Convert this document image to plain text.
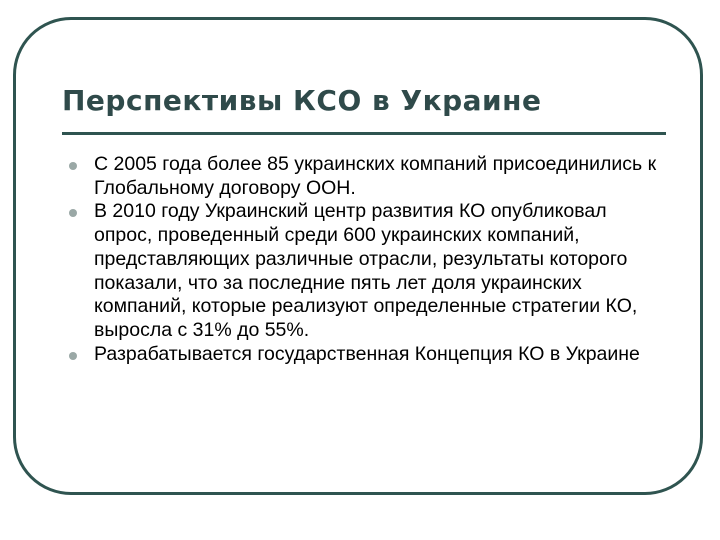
Перспективы КСО в Украине
С 2005 года более 85 украинских компаний присоединились к Глобальному договору ООН.
В 2010 году Украинский центр развития КО опубликовал опрос, проведенный среди 600 украинских компаний, представляющих различные отрасли, результаты которого показали, что за последние пять лет доля украинских компаний, которые реализуют определенные стратегии КО, выросла с 31% до 55%.
Разрабатывается государственная Концепция КО в Украине
